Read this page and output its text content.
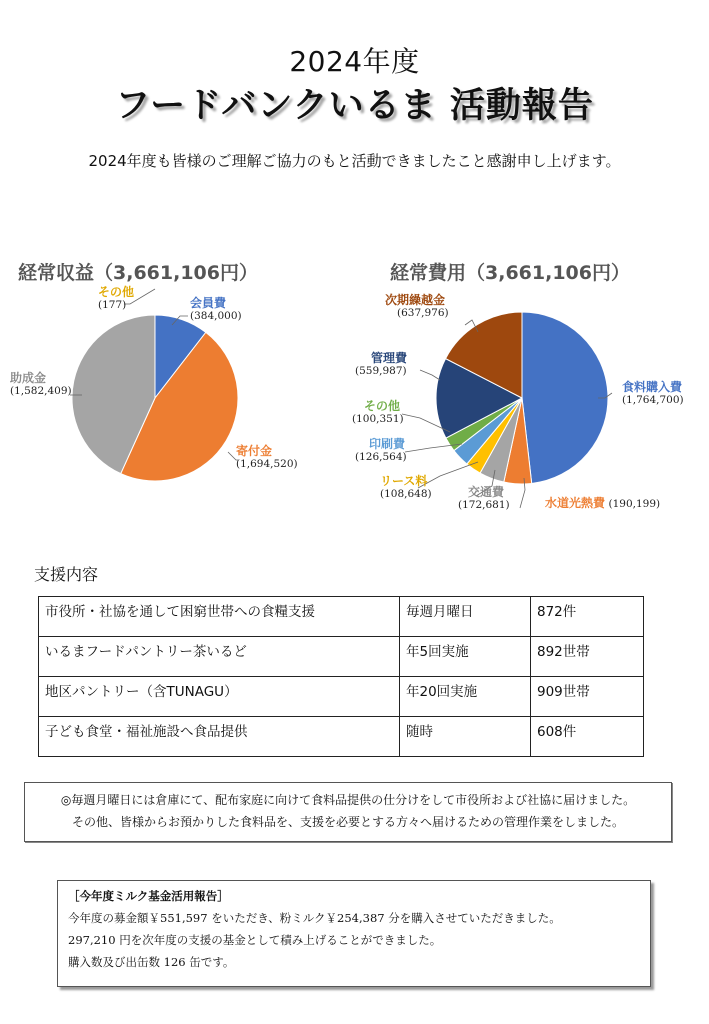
2024年度
フードバンクいるま 活動報告
2024年度も皆様のご理解ご協力のもと活動できましたこと感謝申し上げます。
経常収益（3,661,106円）
その他
(177)	会員費
(384,000)
寄付金
(1,694,520)
助成金
(1,582,409)
経常費用（3,661,106円）
次期繰越金
(637,976)
管理費
(559,987)
その他
(100,351)
印刷費
(126,564)
リース料
(108,648)	交通費
(172,681)	水道光熱費 (190,199)
食料購入費
(1,764,700)
支援内容
市役所・社協を通して困窮世帯への食糧支援	毎週月曜日	872件
いるまフードパントリー茶いるど	年5回実施	892世帯
地区パントリー（含TUNAGU）	年20回実施	909世帯
子ども食堂・福祉施設へ食品提供	随時	608件
◎毎週月曜日には倉庫にて、配布家庭に向けて食料品提供の仕分けをして市役所および社協に届けました。
その他、皆様からお預かりした食料品を、支援を必要とする方々へ届けるための管理作業をしました。
［今年度ミルク基金活用報告］
今年度の募金額￥551,597 をいただき、粉ミルク￥254,387 分を購入させていただきました。
297,210 円を次年度の支援の基金として積み上げることができました。
購入数及び出缶数 126 缶です。
